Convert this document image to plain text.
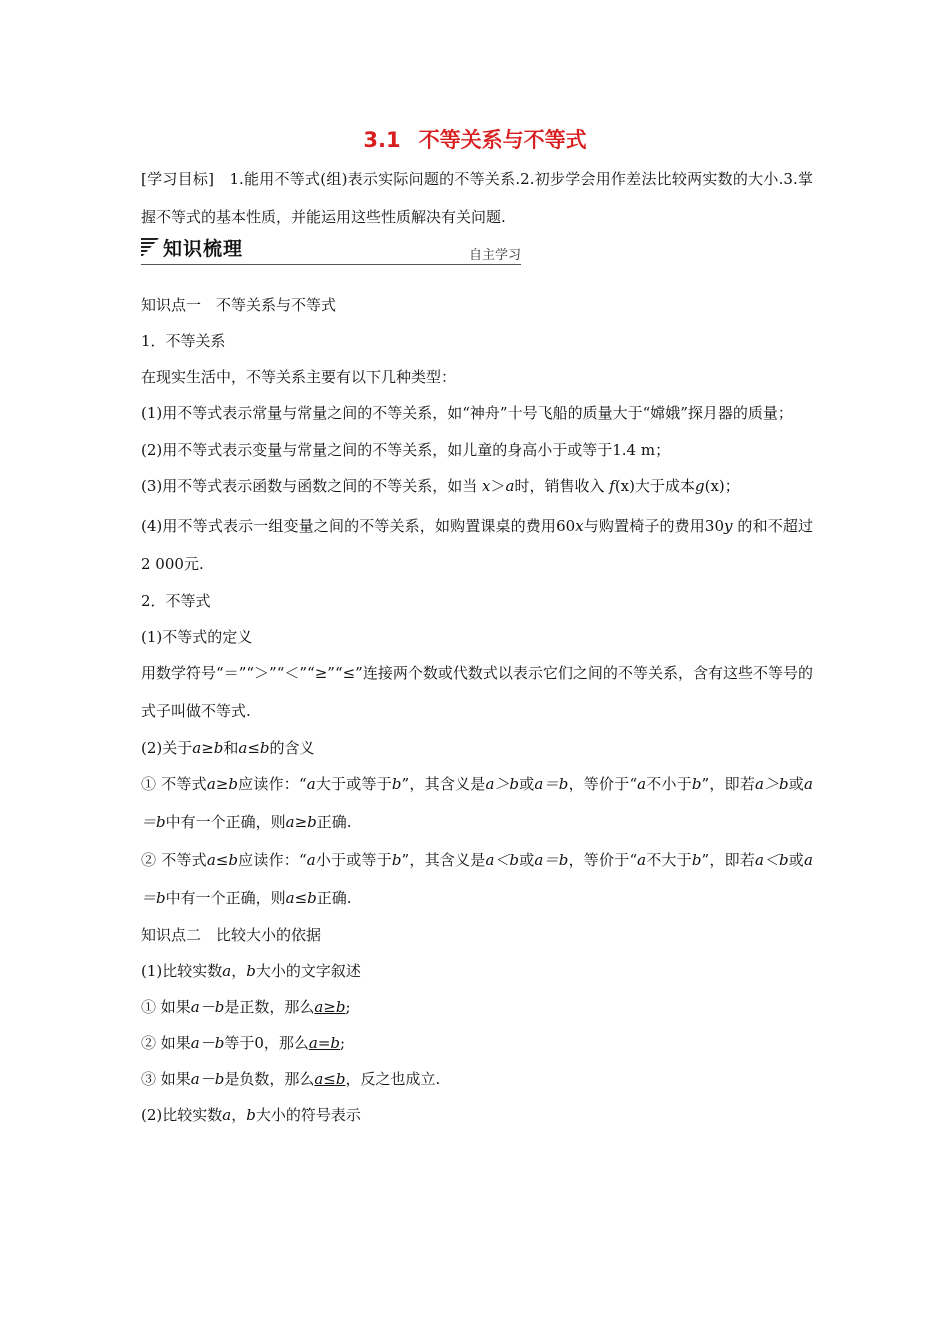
3.1 不等关系与不等式
[学习目标]　 1.能用不等式(组)表示实际问题的不等关系.2.初步学会用作差法比较两实数的大小.3.掌握不等式的基本性质，并能运用这些性质解决有关问题.
知识梳理	自主学习

知识点一　不等关系与不等式

1．不等关系

在现实生活中，不等关系主要有以下几种类型：

(1)用不等式表示常量与常量之间的不等关系，如“神舟”十号飞船的质量大于“嫦娥”探月器的质量；

(2)用不等式表示变量与常量之间的不等关系，如儿童的身高小于或等于1.4 m；

(3)用不等式表示函数与函数之间的不等关系，如当 x＞a时，销售收入 f(x)大于成本g(x)；

(4)用不等式表示一组变量之间的不等关系，如购置课桌的费用60x与购置椅子的费用30y 的和不超过2 000元.

2．不等式

(1)不等式的定义

用数学符号“＝”“＞”“＜”“≥”“≤”连接两个数或代数式以表示它们之间的不等关系，含有这些不等号的式子叫做不等式.

(2)关于a≥b和a≤b的含义

① 不等式a≥b应读作：“a大于或等于b”，其含义是a＞b或a＝b，等价于“a不小于b”，即若a＞b或a＝b中有一个正确，则a≥b正确.

② 不等式a≤b应读作：“a小于或等于b”，其含义是a＜b或a＝b，等价于“a不大于b”，即若a＜b或a＝b中有一个正确，则a≤b正确.

知识点二　比较大小的依据

(1)比较实数a，b大小的文字叙述

① 如果a－b是正数，那么a≥b;

② 如果a－b等于0，那么a=b;

③ 如果a－b是负数，那么a≤b，反之也成立.

(2)比较实数a，b大小的符号表示
